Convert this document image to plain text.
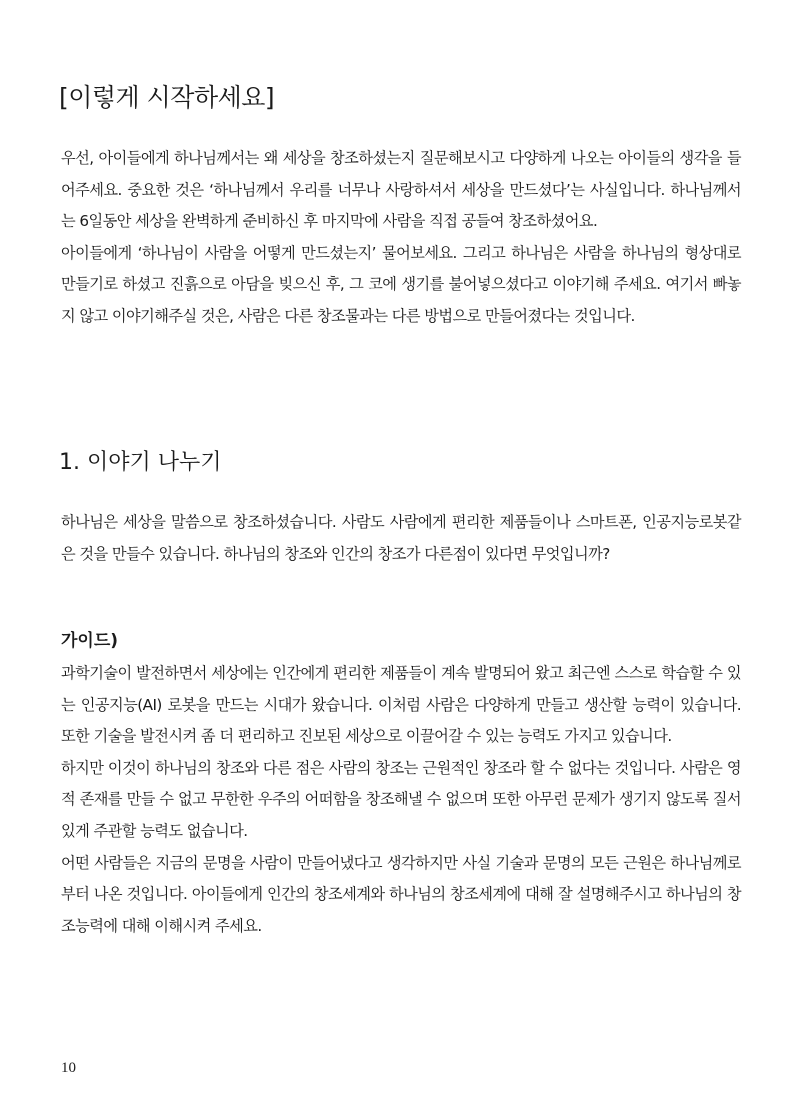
[이렇게 시작하세요]

우선, 아이들에게 하나님께서는 왜 세상을 창조하셨는지 질문해보시고 다양하게 나오는 아이들의 생각을 들어주세요. 중요한 것은 ‘하나님께서 우리를 너무나 사랑하셔서 세상을 만드셨다’는 사실입니다. 하나님께서는 6일동안 세상을 완벽하게 준비하신 후 마지막에 사람을 직접 공들여 창조하셨어요.

아이들에게 ‘하나님이 사람을 어떻게 만드셨는지’ 물어보세요. 그리고 하나님은 사람을 하나님의 형상대로 만들기로 하셨고 진흙으로 아담을 빚으신 후, 그 코에 생기를 불어넣으셨다고 이야기해 주세요. 여기서 빠놓지 않고 이야기해주실 것은, 사람은 다른 창조물과는 다른 방법으로 만들어졌다는 것입니다.

1. 이야기 나누기

하나님은 세상을 말씀으로 창조하셨습니다. 사람도 사람에게 편리한 제품들이나 스마트폰, 인공지능로봇같은 것을 만들수 있습니다. 하나님의 창조와 인간의 창조가 다른점이 있다면 무엇입니까?

가이드)

과학기술이 발전하면서 세상에는 인간에게 편리한 제품들이 계속 발명되어 왔고 최근엔 스스로 학습할 수 있는 인공지능(AI) 로봇을 만드는 시대가 왔습니다. 이처럼 사람은 다양하게 만들고 생산할 능력이 있습니다. 또한 기술을 발전시켜 좀 더 편리하고 진보된 세상으로 이끌어갈 수 있는 능력도 가지고 있습니다.

하지만 이것이 하나님의 창조와 다른 점은 사람의 창조는 근원적인 창조라 할 수 없다는 것입니다. 사람은 영적 존재를 만들 수 없고 무한한 우주의 어떠함을 창조해낼 수 없으며 또한 아무런 문제가 생기지 않도록 질서있게 주관할 능력도 없습니다.

어떤 사람들은 지금의 문명을 사람이 만들어냈다고 생각하지만 사실 기술과 문명의 모든 근원은 하나님께로부터 나온 것입니다. 아이들에게 인간의 창조세계와 하나님의 창조세계에 대해 잘 설명해주시고 하나님의 창조능력에 대해 이해시켜 주세요.

10
